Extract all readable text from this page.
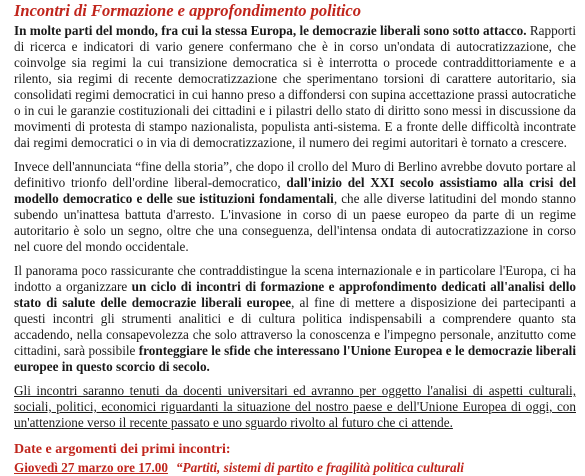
Incontri di Formazione e approfondimento politico

In molte parti del mondo, fra cui la stessa Europa, le democrazie liberali sono sotto attacco. Rapporti di ricerca e indicatori di vario genere confermano che è in corso un'ondata di autocratizzazione, che coinvolge sia regimi la cui transizione democratica si è interrotta o procede contraddittoriamente e a rilento, sia regimi di recente democratizzazione che sperimentano torsioni di carattere autoritario, sia consolidati regimi democratici in cui hanno preso a diffondersi con supina accettazione prassi autocratiche o in cui le garanzie costituzionali dei cittadini e i pilastri dello stato di diritto sono messi in discussione da movimenti di protesta di stampo nazionalista, populista anti-sistema. E a fronte delle difficoltà incontrate dai regimi democratici o in via di democratizzazione, il numero dei regimi autoritari è tornato a crescere.

Invece dell'annunciata “fine della storia”, che dopo il crollo del Muro di Berlino avrebbe dovuto portare al definitivo trionfo dell'ordine liberal-democratico, dall'inizio del XXI secolo assistiamo alla crisi del modello democratico e delle sue istituzioni fondamentali, che alle diverse latitudini del mondo stanno subendo un'inattesa battuta d'arresto. L'invasione in corso di un paese europeo da parte di un regime autoritario è solo un segno, oltre che una conseguenza, dell'intensa ondata di autocratizzazione in corso nel cuore del mondo occidentale.

Il panorama poco rassicurante che contraddistingue la scena internazionale e in particolare l'Europa, ci ha indotto a organizzare un ciclo di incontri di formazione e approfondimento dedicati all'analisi dello stato di salute delle democrazie liberali europee, al fine di mettere a disposizione dei partecipanti a questi incontri gli strumenti analitici e di cultura politica indispensabili a comprendere quanto sta accadendo, nella consapevolezza che solo attraverso la conoscenza e l'impegno personale, anzitutto come cittadini, sarà possibile fronteggiare le sfide che interessano l'Unione Europea e le democrazie liberali europee in questo scorcio di secolo.

Gli incontri saranno tenuti da docenti universitari ed avranno per oggetto l'analisi di aspetti culturali, sociali, politici, economici riguardanti la situazione del nostro paese e dell'Unione Europea di oggi, con un'attenzione verso il recente passato e uno sguardo rivolto al futuro che ci attende.

Date e argomenti dei primi incontri:

Giovedì 27 marzo ore 17.00 “Partiti, sistemi di partito e fragilità politica culturali
